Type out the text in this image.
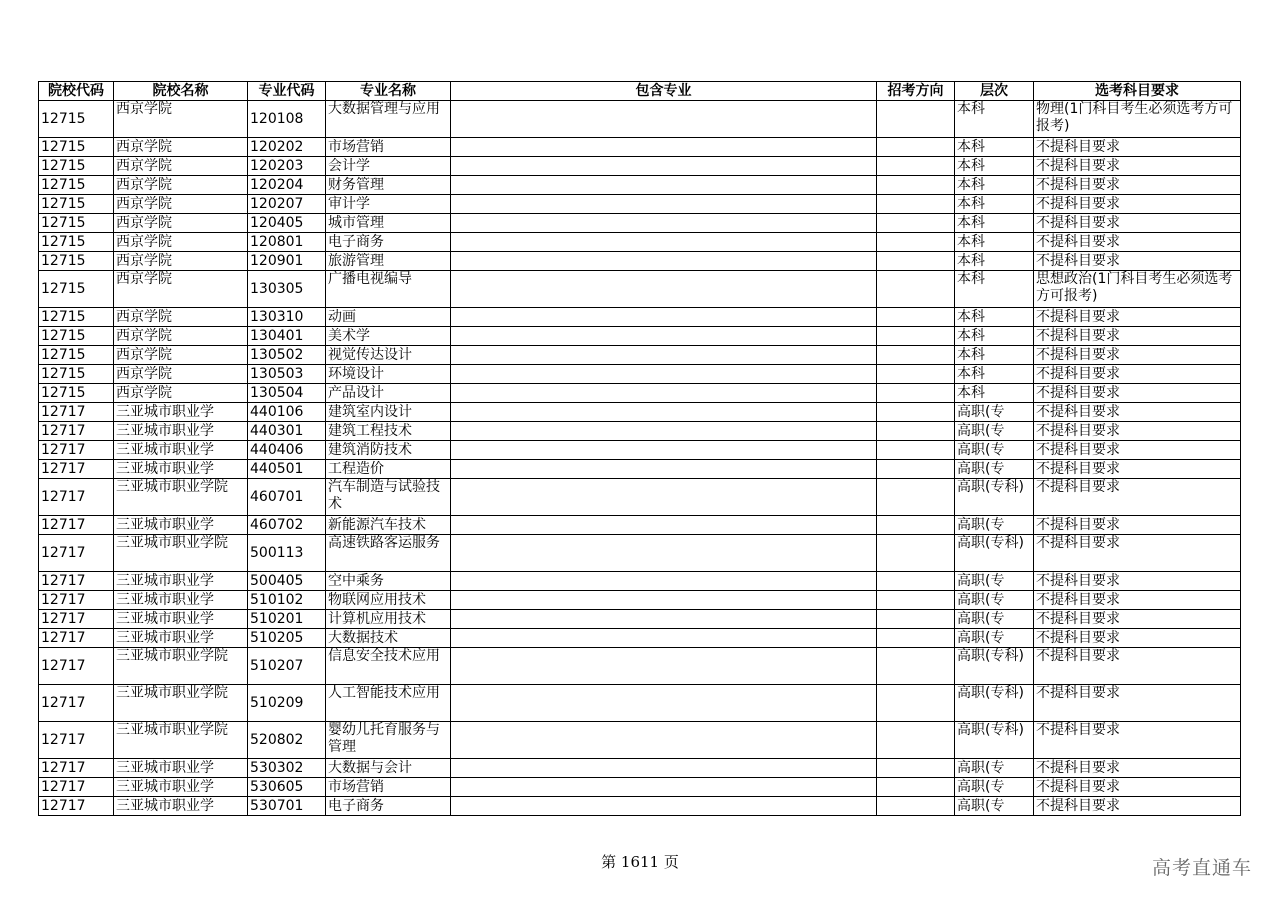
院校代码	院校名称	专业代码	专业名称	包含专业	招考方向	层次	选考科目要求
12715	西京学院	120108	大数据管理与应用			本科	物理(1门科目考生必须选考方可报考)
12715	西京学院	120202	市场营销			本科	不提科目要求
12715	西京学院	120203	会计学			本科	不提科目要求
12715	西京学院	120204	财务管理			本科	不提科目要求
12715	西京学院	120207	审计学			本科	不提科目要求
12715	西京学院	120405	城市管理			本科	不提科目要求
12715	西京学院	120801	电子商务			本科	不提科目要求
12715	西京学院	120901	旅游管理			本科	不提科目要求
12715	西京学院	130305	广播电视编导			本科	思想政治(1门科目考生必须选考方可报考)
12715	西京学院	130310	动画			本科	不提科目要求
12715	西京学院	130401	美术学			本科	不提科目要求
12715	西京学院	130502	视觉传达设计			本科	不提科目要求
12715	西京学院	130503	环境设计			本科	不提科目要求
12715	西京学院	130504	产品设计			本科	不提科目要求
12717	三亚城市职业学	440106	建筑室内设计			高职(专	不提科目要求
12717	三亚城市职业学	440301	建筑工程技术			高职(专	不提科目要求
12717	三亚城市职业学	440406	建筑消防技术			高职(专	不提科目要求
12717	三亚城市职业学	440501	工程造价			高职(专	不提科目要求
12717	三亚城市职业学院	460701	汽车制造与试验技术			高职(专科)	不提科目要求
12717	三亚城市职业学	460702	新能源汽车技术			高职(专	不提科目要求
12717	三亚城市职业学院	500113	高速铁路客运服务			高职(专科)	不提科目要求
12717	三亚城市职业学	500405	空中乘务			高职(专	不提科目要求
12717	三亚城市职业学	510102	物联网应用技术			高职(专	不提科目要求
12717	三亚城市职业学	510201	计算机应用技术			高职(专	不提科目要求
12717	三亚城市职业学	510205	大数据技术			高职(专	不提科目要求
12717	三亚城市职业学院	510207	信息安全技术应用			高职(专科)	不提科目要求
12717	三亚城市职业学院	510209	人工智能技术应用			高职(专科)	不提科目要求
12717	三亚城市职业学院	520802	婴幼儿托育服务与管理			高职(专科)	不提科目要求
12717	三亚城市职业学	530302	大数据与会计			高职(专	不提科目要求
12717	三亚城市职业学	530605	市场营销			高职(专	不提科目要求
12717	三亚城市职业学	530701	电子商务			高职(专	不提科目要求
第 1611 页	高考直通车
